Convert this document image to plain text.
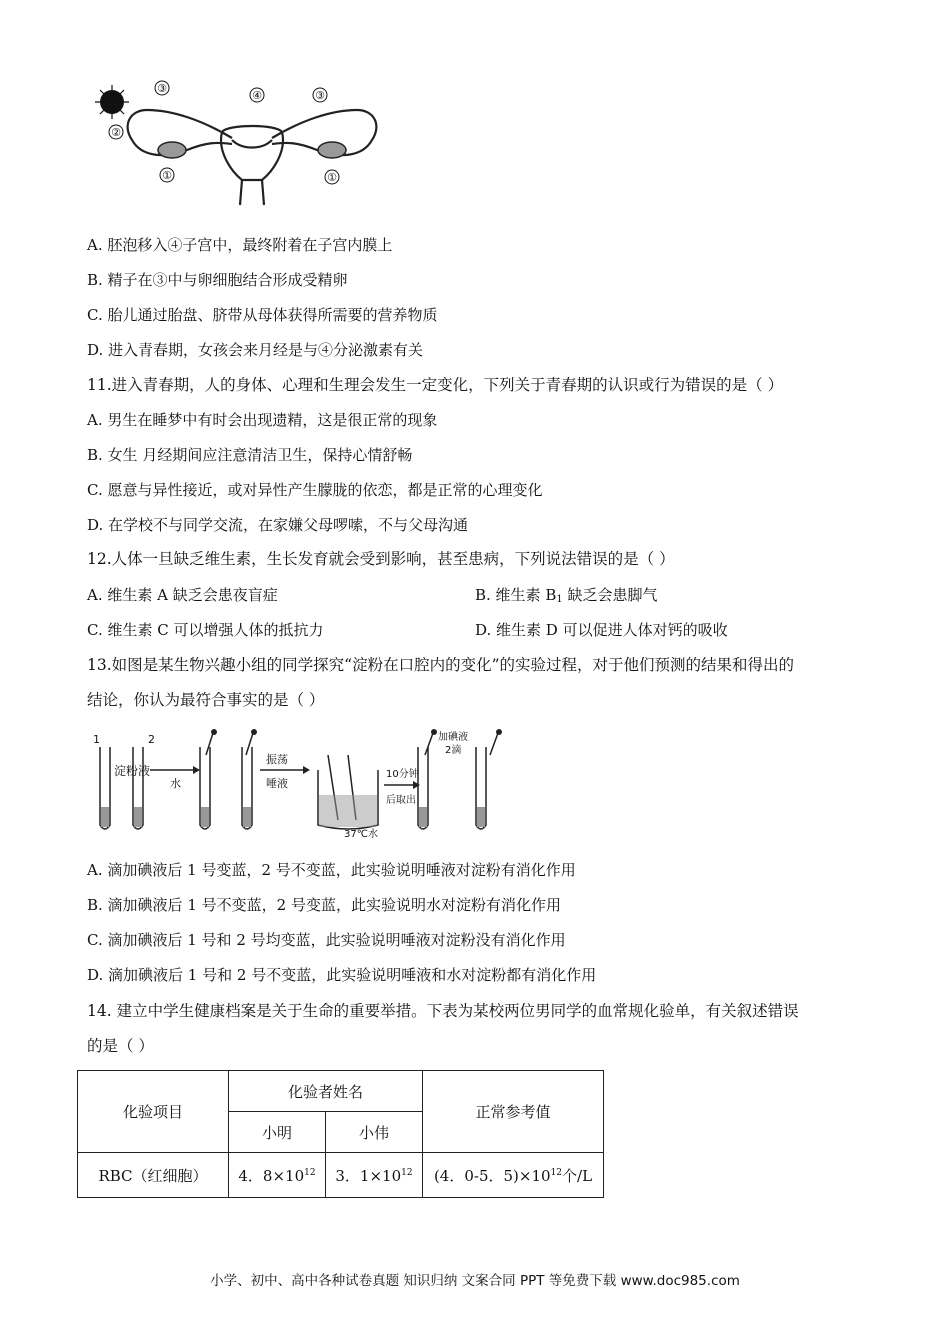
③
④	③
②
①	①
A. 胚泡移入④子宫中，最终附着在子宫内膜上
B. 精子在③中与卵细胞结合形成受精卵
C. 胎儿通过胎盘、脐带从母体获得所需要的营养物质
D. 进入青春期，女孩会来月经是与④分泌激素有关
11.进入青春期，人的身体、心理和生理会发生一定变化，下列关于青春期的认识或行为错误的是（ ）
A. 男生在睡梦中有时会出现遗精，这是很正常的现象
B. 女生 月经期间应注意清洁卫生，保持心情舒畅
C. 愿意与异性接近，或对异性产生朦胧的依恋，都是正常的心理变化
D. 在学校不与同学交流，在家嫌父母啰嗦，不与父母沟通
12.人体一旦缺乏维生素，生长发育就会受到影响，甚至患病，下列说法错误的是（ ）
A. 维生素 A 缺乏会患夜盲症	B. 维生素 $B_1$ 缺乏会患脚气
C. 维生素 C 可以增强人体的抵抗力	D. 维生素 D 可以促进人体对钙的吸收
13.如图是某生物兴趣小组的同学探究“淀粉在口腔内的变化”的实验过程，对于他们预测的结果和得出的
结论，你认为最符合事实的是（ ）
1	2
淀粉液
水
振荡
唾液
10分钟
后取出
37℃水
加碘液
2滴
A. 滴加碘液后 1 号变蓝，2 号不变蓝，此实验说明唾液对淀粉有消化作用
B. 滴加碘液后 1 号不变蓝，2 号变蓝，此实验说明水对淀粉有消化作用
C. 滴加碘液后 1 号和 2 号均变蓝，此实验说明唾液对淀粉没有消化作用
D. 滴加碘液后 1 号和 2 号不变蓝，此实验说明唾液和水对淀粉都有消化作用
14. 建立中学生健康档案是关于生命的重要举措。下表为某校两位男同学的血常规化验单，有关叙述错误
的是（ ）
化验项目	化验者姓名		正常参考值
	小明	小伟	
RBC（红细胞）	4．$8\times 10^{12}$	3．$1\times 10^{12}$	(4．0-5．$5)\times 10^{12}$个/L
小学、初中、高中各种试卷真题 知识归纳 文案合同 PPT 等免费下载 www.doc985.com
